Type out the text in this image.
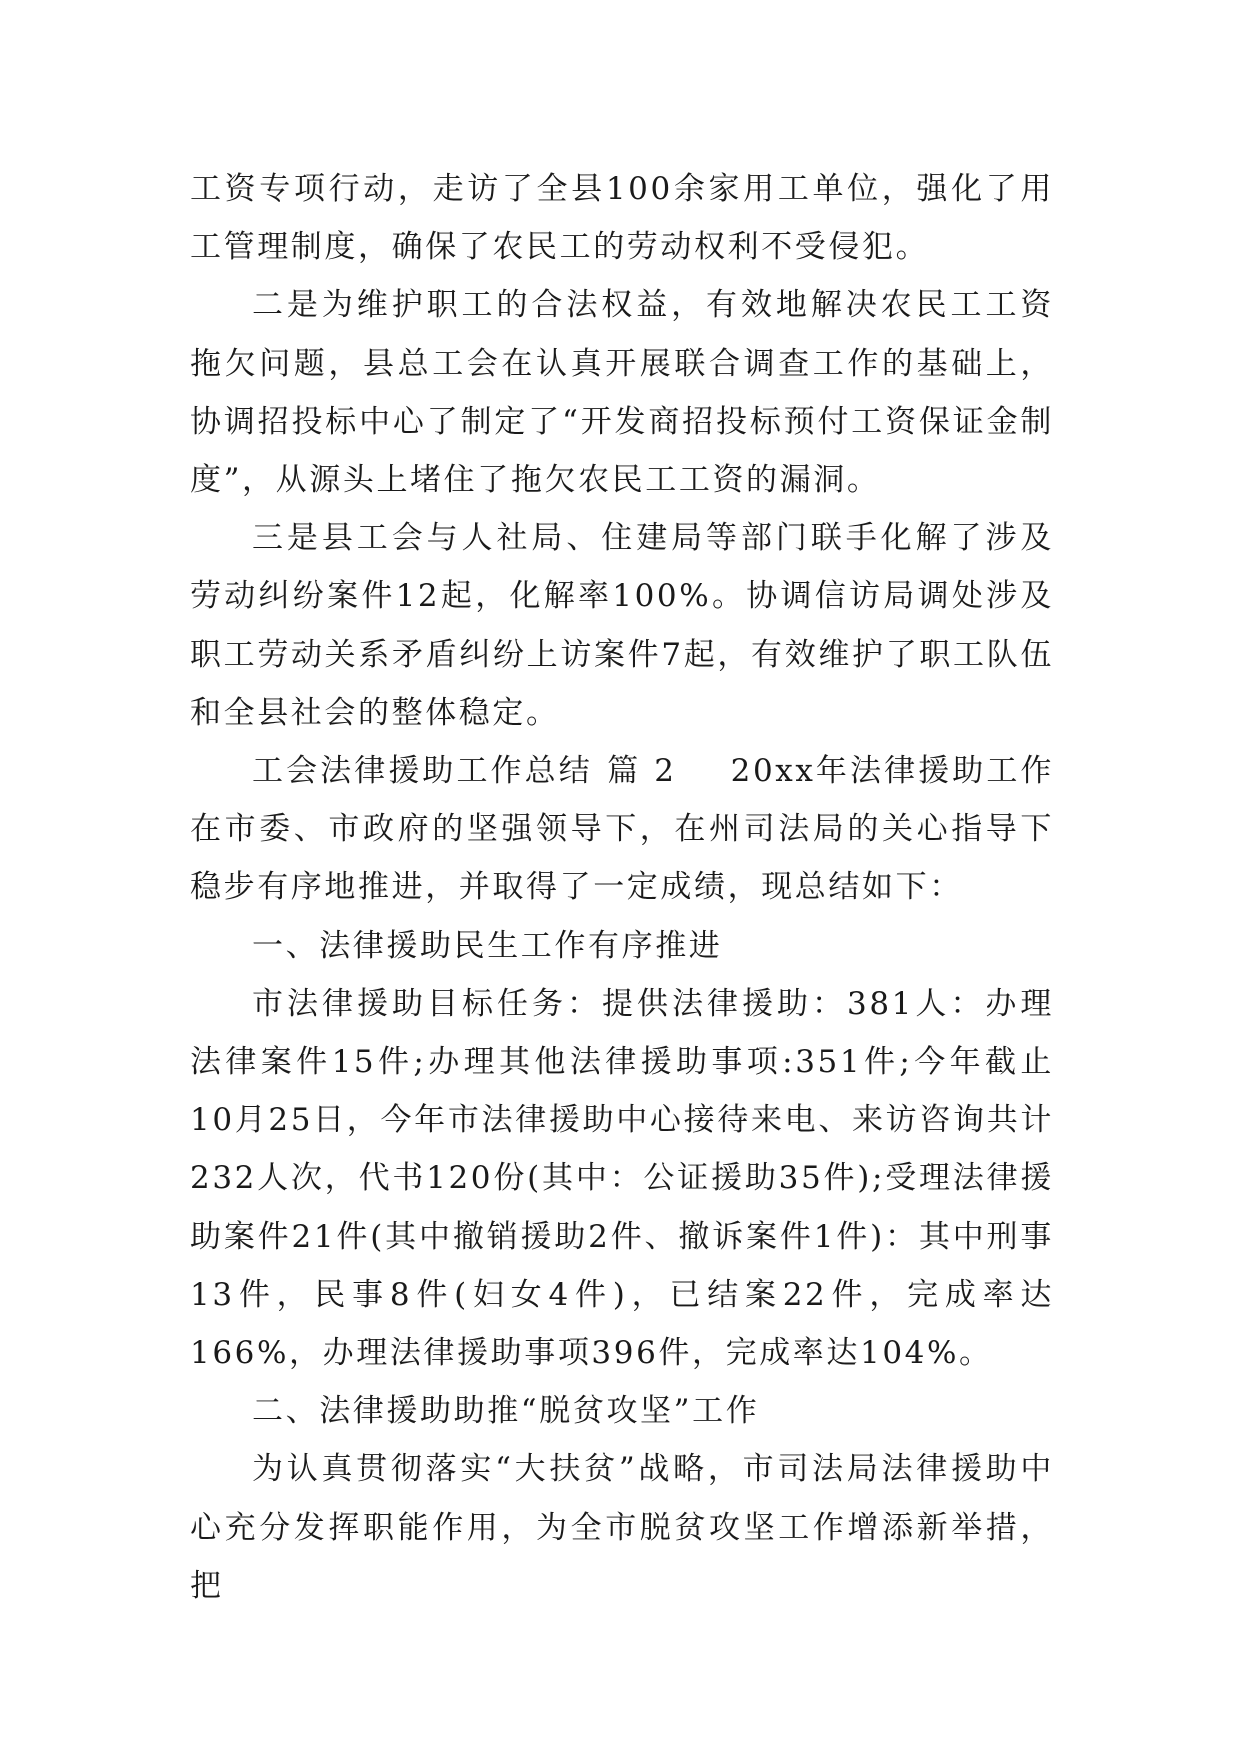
工资专项行动，走访了全县100余家用工单位，强化了用工管理制度，确保了农民工的劳动权利不受侵犯。

二是为维护职工的合法权益，有效地解决农民工工资拖欠问题，县总工会在认真开展联合调查工作的基础上，协调招投标中心了制定了“开发商招投标预付工资保证金制度”，从源头上堵住了拖欠农民工工资的漏洞。

三是县工会与人社局、住建局等部门联手化解了涉及劳动纠纷案件12起，化解率100%。协调信访局调处涉及职工劳动关系矛盾纠纷上访案件7起，有效维护了职工队伍和全县社会的整体稳定。

工会法律援助工作总结 篇 2 20xx年法律援助工作在市委、市政府的坚强领导下，在州司法局的关心指导下稳步有序地推进，并取得了一定成绩，现总结如下：

一、法律援助民生工作有序推进

市法律援助目标任务：提供法律援助：381人：办理法律案件15件;办理其他法律援助事项:351件;今年截止10月25日，今年市法律援助中心接待来电、来访咨询共计232人次，代书120份(其中：公证援助35件);受理法律援助案件21件(其中撤销援助2件、撤诉案件1件)：其中刑事13件，民事8件(妇女4件)，已结案22件，完成率达166%，办理法律援助事项396件，完成率达104%。

二、法律援助助推“脱贫攻坚”工作

为认真贯彻落实“大扶贫”战略，市司法局法律援助中心充分发挥职能作用，为全市脱贫攻坚工作增添新举措，把
